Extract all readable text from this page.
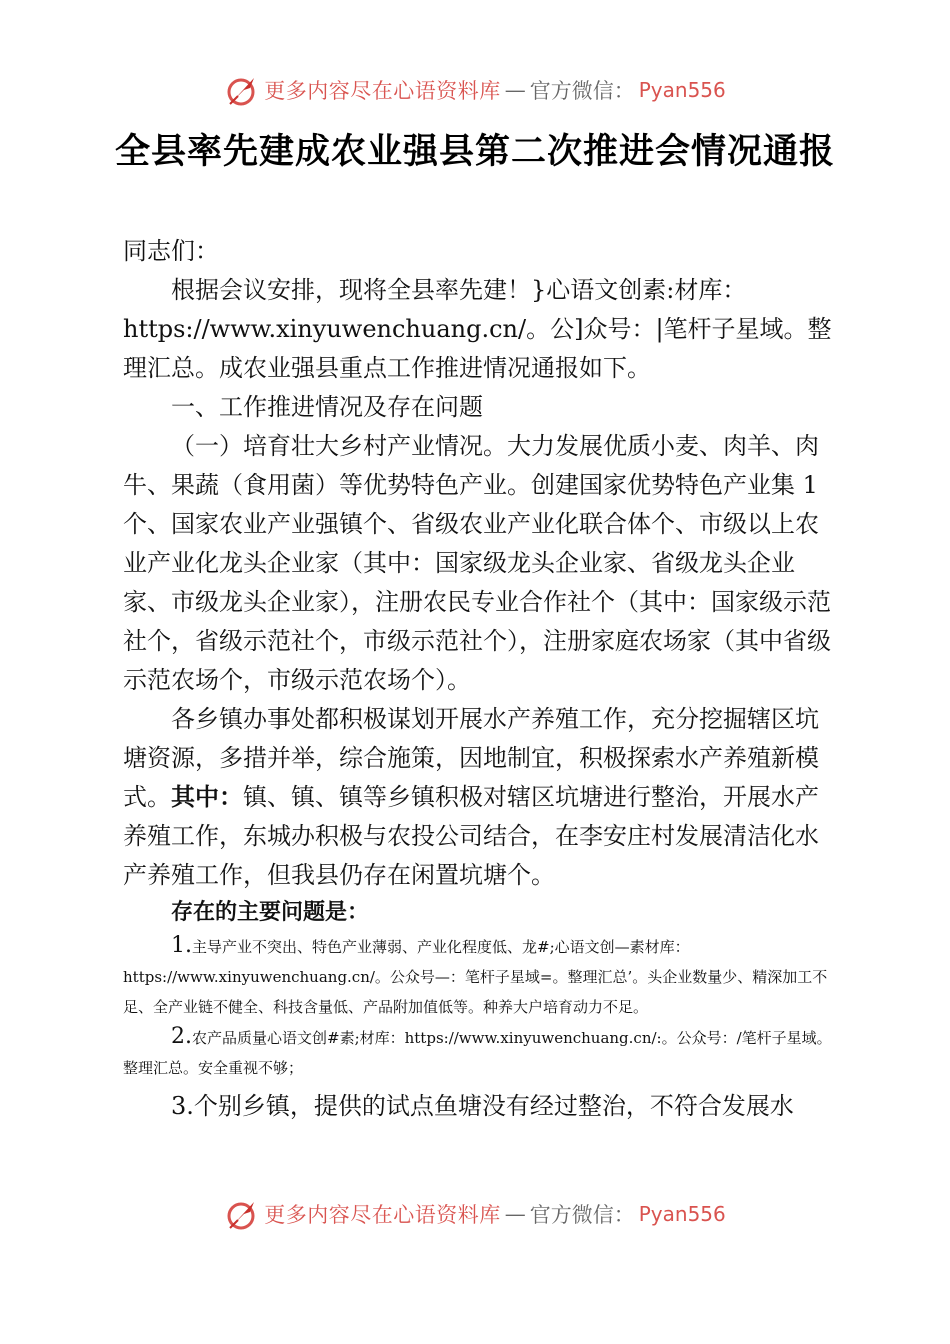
更多内容尽在心语资料库 — 官方微信： Pyan556
全县率先建成农业强县第二次推进会情况通报

同志们：

根据会议安排，现将全县率先建！}心语文创素:材库：https://www.xinyuwenchuang.cn/。公]众号：|笔杆子星域。整理汇总。成农业强县重点工作推进情况通报如下。

一、工作推进情况及存在问题

（一）培育壮大乡村产业情况。大力发展优质小麦、肉羊、肉牛、果蔬（食用菌）等优势特色产业。创建国家优势特色产业集 1 个、国家农业产业强镇个、省级农业产业化联合体个、市级以上农业产业化龙头企业家（其中：国家级龙头企业家、省级龙头企业家、市级龙头企业家），注册农民专业合作社个（其中：国家级示范社个，省级示范社个，市级示范社个），注册家庭农场家（其中省级示范农场个，市级示范农场个）。

各乡镇办事处都积极谋划开展水产养殖工作，充分挖掘辖区坑塘资源，多措并举，综合施策，因地制宜，积极探索水产养殖新模式。其中：镇、镇、镇等乡镇积极对辖区坑塘进行整治，开展水产养殖工作，东城办积极与农投公司结合，在李安庄村发展清洁化水产养殖工作，但我县仍存在闲置坑塘个。

存在的主要问题是：

1.主导产业不突出、特色产业薄弱、产业化程度低、龙#;心语文创—素材库：https://www.xinyuwenchuang.cn/。公众号—：笔杆子星域=。整理汇总’。头企业数量少、精深加工不足、全产业链不健全、科技含量低、产品附加值低等。种养大户培育动力不足。

2.农产品质量心语文创#素;材库：https://www.xinyuwenchuang.cn/:。公众号：/笔杆子星域。整理汇总。安全重视不够；

3.个别乡镇，提供的试点鱼塘没有经过整治，不符合发展水

更多内容尽在心语资料库 — 官方微信： Pyan556
